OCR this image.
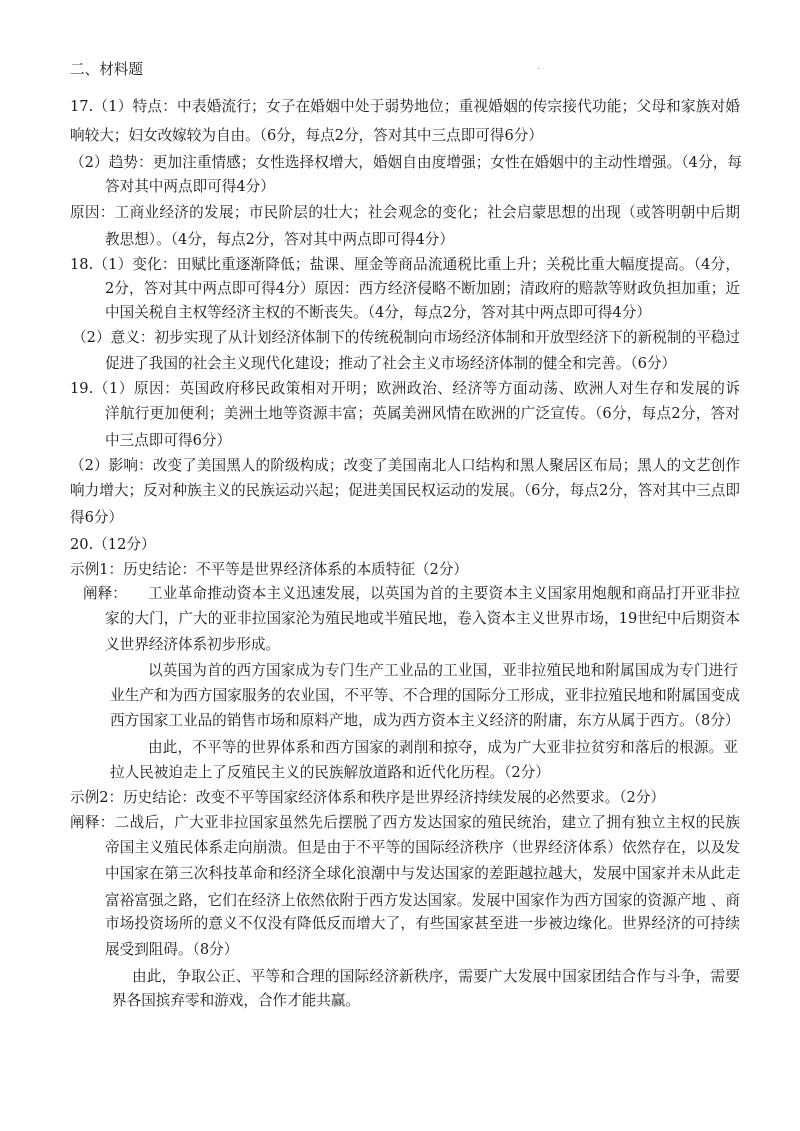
二、材料题
17.（1）特点：中表婚流行；女子在婚姻中处于弱势地位；重视婚姻的传宗接代功能；父母和家族对婚
响较大；妇女改嫁较为自由。（6分，每点2分，答对其中三点即可得6分）
（2）趋势：更加注重情感；女性选择权增大，婚姻自由度增强；女性在婚姻中的主动性增强。（4分，每
答对其中两点即可得4分）
原因：工商业经济的发展；市民阶层的壮大；社会观念的变化；社会启蒙思想的出现（或答明朝中后期
教思想）。（4分，每点2分，答对其中两点即可得4分）
18.（1）变化：田赋比重逐渐降低；盐课、厘金等商品流通税比重上升；关税比重大幅度提高。（4分，
2分，答对其中两点即可得4分）原因：西方经济侵略不断加剧；清政府的赔款等财政负担加重；近
中国关税自主权等经济主权的不断丧失。（4分，每点2分，答对其中两点即可得4分）
（2）意义：初步实现了从计划经济体制下的传统税制向市场经济体制和开放型经济下的新税制的平稳过
促进了我国的社会主义现代化建设；推动了社会主义市场经济体制的健全和完善。（6分）
19.（1）原因：英国政府移民政策相对开明；欧洲政治、经济等方面动荡、欧洲人对生存和发展的诉
洋航行更加便利；美洲土地等资源丰富；英属美洲风情在欧洲的广泛宣传。（6分，每点2分，答对
中三点即可得6分）
（2）影响：改变了美国黑人的阶级构成；改变了美国南北人口结构和黑人聚居区布局；黑人的文艺创作
响力增大；反对种族主义的民族运动兴起；促进美国民权运动的发展。（6分，每点2分，答对其中三点即
得6分）
20.（12分）
示例1：历史结论：不平等是世界经济体系的本质特征（2分）
阐释： 工业革命推动资本主义迅速发展，以英国为首的主要资本主义国家用炮舰和商品打开亚非拉
家的大门，广大的亚非拉国家沦为殖民地或半殖民地，卷入资本主义世界市场，19世纪中后期资本
义世界经济体系初步形成。
以英国为首的西方国家成为专门生产工业品的工业国，亚非拉殖民地和附属国成为专门进行
业生产和为西方国家服务的农业国，不平等、不合理的国际分工形成，亚非拉殖民地和附属国变成
西方国家工业品的销售市场和原料产地，成为西方资本主义经济的附庸，东方从属于西方。（8分）
由此，不平等的世界体系和西方国家的剥削和掠夺，成为广大亚非拉贫穷和落后的根源。亚
拉人民被迫走上了反殖民主义的民族解放道路和近代化历程。（2分）
示例2：历史结论：改变不平等国家经济体系和秩序是世界经济持续发展的必然要求。（2分）
阐释：二战后，广大亚非拉国家虽然先后摆脱了西方发达国家的殖民统治，建立了拥有独立主权的民族
帝国主义殖民体系走向崩溃。但是由于不平等的国际经济秩序（世界经济体系）依然存在，以及发
中国家在第三次科技革命和经济全球化浪潮中与发达国家的差距越拉越大，发展中国家并未从此走
富裕富强之路，它们在经济上依然依附于西方发达国家。发展中国家作为西方国家的资源产地 、商
市场投资场所的意义不仅没有降低反而增大了，有些国家甚至进一步被边缘化。世界经济的可持续
展受到阻碍。（8分）
由此，争取公正、平等和合理的国际经济新秩序，需要广大发展中国家团结合作与斗争，需要
界各国摈弃零和游戏，合作才能共赢。
